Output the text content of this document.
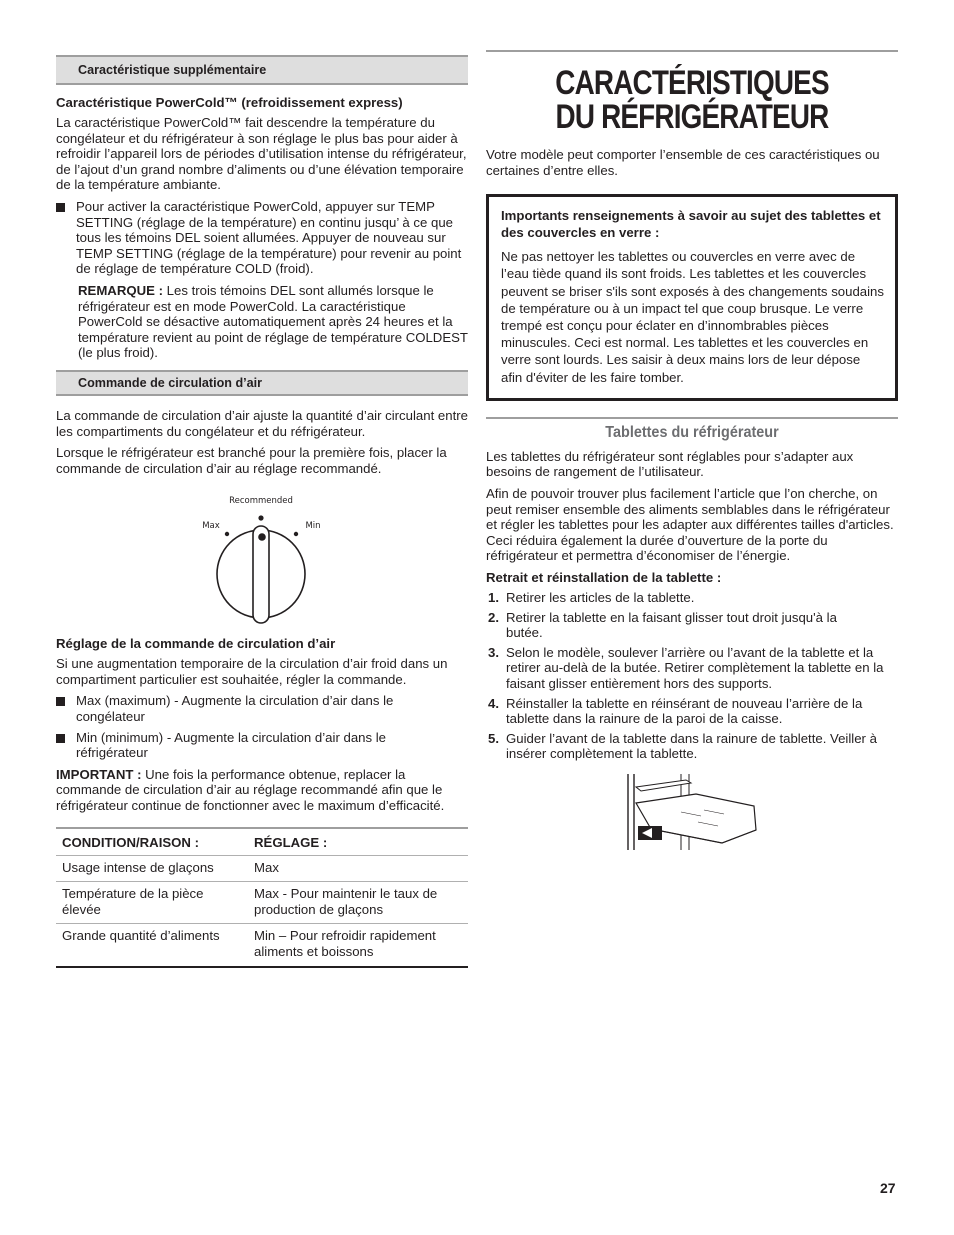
Caractéristique supplémentaire

Caractéristique PowerCold™ (refroidissement express)

La caractéristique PowerCold™ fait descendre la température du congélateur et du réfrigérateur à son réglage le plus bas pour aider à refroidir l’appareil lors de périodes d’utilisation intense du réfrigérateur, de l’ajout d’un grand nombre d’aliments ou d’une élévation temporaire de la température ambiante.

Pour activer la caractéristique PowerCold, appuyer sur TEMP SETTING (réglage de la température) en continu jusqu’ à ce que tous les témoins DEL soient allumées. Appuyer de nouveau sur TEMP SETTING (réglage de la température) pour revenir au point de réglage de température COLD (froid).
REMARQUE : Les trois témoins DEL sont allumés lorsque le réfrigérateur est en mode PowerCold. La caractéristique PowerCold se désactive automatiquement après 24 heures et la température revient au point de réglage de température COLDEST (le plus froid).
Commande de circulation d’air

La commande de circulation d’air ajuste la quantité d’air circulant entre les compartiments du congélateur et du réfrigérateur.

Lorsque le réfrigérateur est branché pour la première fois, placer la commande de circulation d’air au réglage recommandé.

Recommended
Max	Min

Réglage de la commande de circulation d’air

Si une augmentation temporaire de la circulation d’air froid dans un compartiment particulier est souhaitée, régler la commande.

Max (maximum) - Augmente la circulation d’air dans le congélateur
Min (minimum) - Augmente la circulation d’air dans le réfrigérateur

IMPORTANT : Une fois la performance obtenue, replacer la commande de circulation d’air au réglage recommandé afin que le réfrigérateur continue de fonctionner avec le maximum d’efficacité.

CONDITION/RAISON :	RÉGLAGE :
Usage intense de glaçons	Max
Température de la pièce élevée	Max - Pour maintenir le taux de production de glaçons
Grande quantité d’aliments	Min – Pour refroidir rapidement aliments et boissons
CARACTÉRISTIQUES
DU RÉFRIGÉRATEUR

Votre modèle peut comporter l’ensemble de ces caractéristiques ou certaines d’entre elles.

Importants renseignements à savoir au sujet des tablettes et des couvercles en verre :

Ne pas nettoyer les tablettes ou couvercles en verre avec de l’eau tiède quand ils sont froids. Les tablettes et les couvercles peuvent se briser s'ils sont exposés à des changements soudains de température ou à un impact tel que coup brusque. Le verre trempé est conçu pour éclater en d’innombrables pièces minuscules. Ceci est normal. Les tablettes et les couvercles en verre sont lourds. Les saisir à deux mains lors de leur dépose afin d'éviter de les faire tomber.

Tablettes du réfrigérateur

Les tablettes du réfrigérateur sont réglables pour s’adapter aux besoins de rangement de l’utilisateur.

Afin de pouvoir trouver plus facilement l’article que l’on cherche, on peut remiser ensemble des aliments semblables dans le réfrigérateur et régler les tablettes pour les adapter aux différentes tailles d'articles. Ceci réduira également la durée d’ouverture de la porte du réfrigérateur et permettra d’économiser de l’énergie.

Retrait et réinstallation de la tablette :

1. Retirer les articles de la tablette.
2. Retirer la tablette en la faisant glisser tout droit jusqu'à la butée.
3. Selon le modèle, soulever l’arrière ou l’avant de la tablette et la retirer au-delà de la butée. Retirer complètement la tablette en la faisant glisser entièrement hors des supports.
4. Réinstaller la tablette en réinsérant de nouveau l’arrière de la tablette dans la rainure de la paroi de la caisse.
5. Guider l’avant de la tablette dans la rainure de tablette. Veiller à insérer complètement la tablette.
27
